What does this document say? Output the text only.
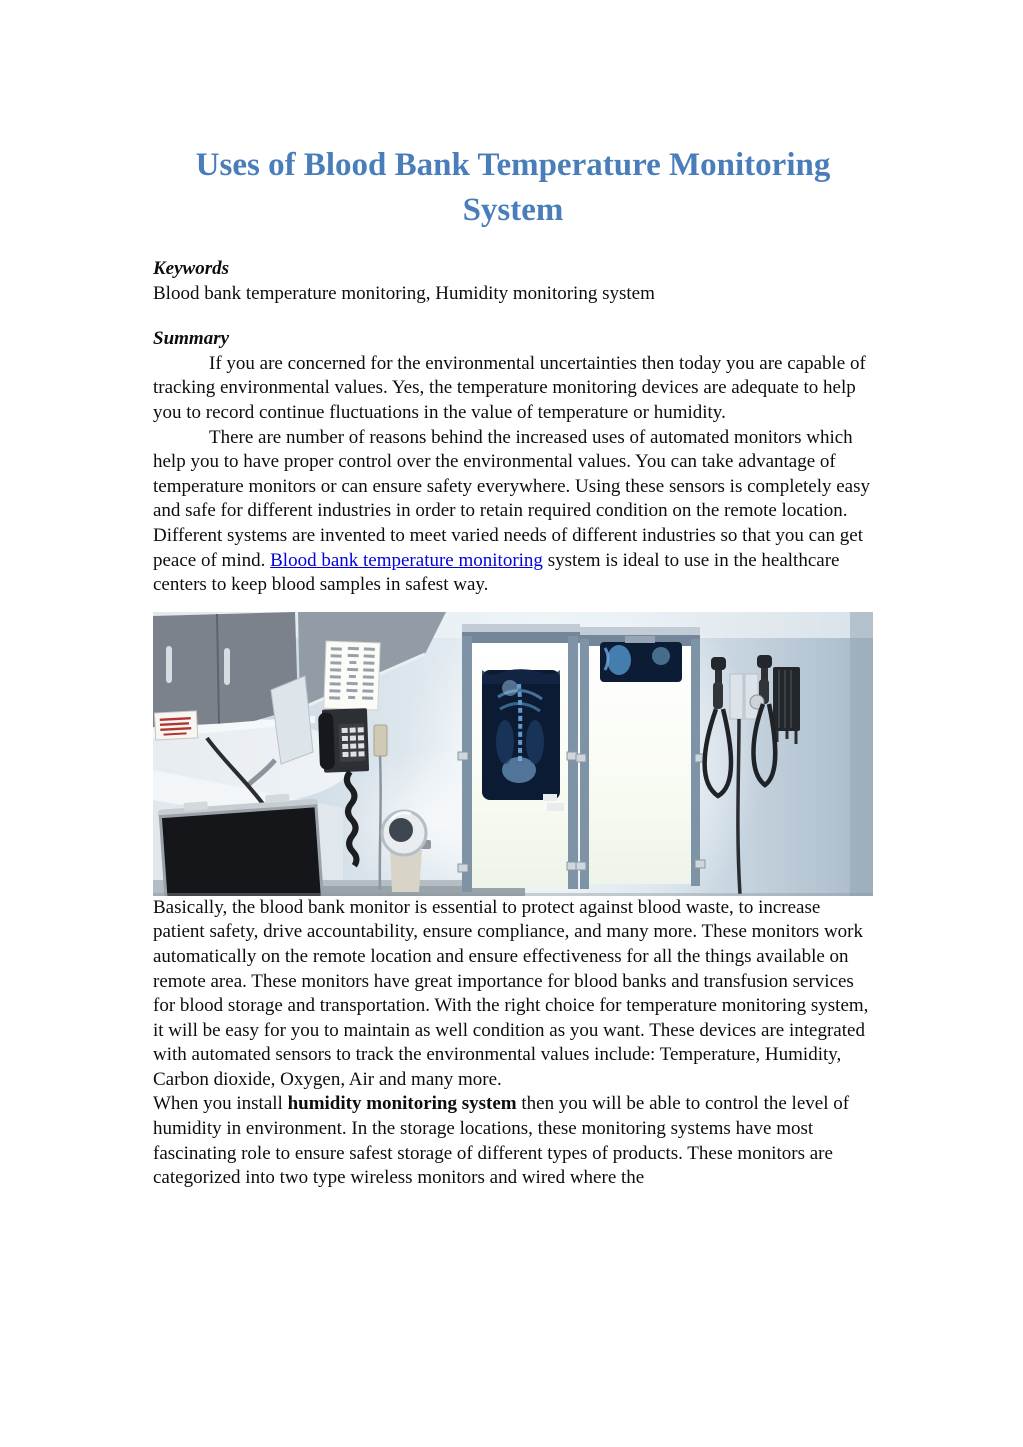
Uses of Blood Bank Temperature Monitoring System

Keywords

Blood bank temperature monitoring, Humidity monitoring system

Summary

If you are concerned for the environmental uncertainties then today you are capable of tracking environmental values. Yes, the temperature monitoring devices are adequate to help you to record continue fluctuations in the value of temperature or humidity.

There are number of reasons behind the increased uses of automated monitors which help you to have proper control over the environmental values. You can take advantage of temperature monitors or can ensure safety everywhere. Using these sensors is completely easy and safe for different industries in order to retain required condition on the remote location. Different systems are invented to meet varied needs of different industries so that you can get peace of mind. Blood bank temperature monitoring system is ideal to use in the healthcare centers to keep blood samples in safest way.

Basically, the blood bank monitor is essential to protect against blood waste, to increase patient safety, drive accountability, ensure compliance, and many more. These monitors work automatically on the remote location and ensure effectiveness for all the things available on remote area. These monitors have great importance for blood banks and transfusion services for blood storage and transportation. With the right choice for temperature monitoring system, it will be easy for you to maintain as well condition as you want. These devices are integrated with automated sensors to track the environmental values include: Temperature, Humidity, Carbon dioxide, Oxygen, Air and many more.

When you install humidity monitoring system then you will be able to control the level of humidity in environment. In the storage locations, these monitoring systems have most fascinating role to ensure safest storage of different types of products. These monitors are categorized into two type wireless monitors and wired where the
